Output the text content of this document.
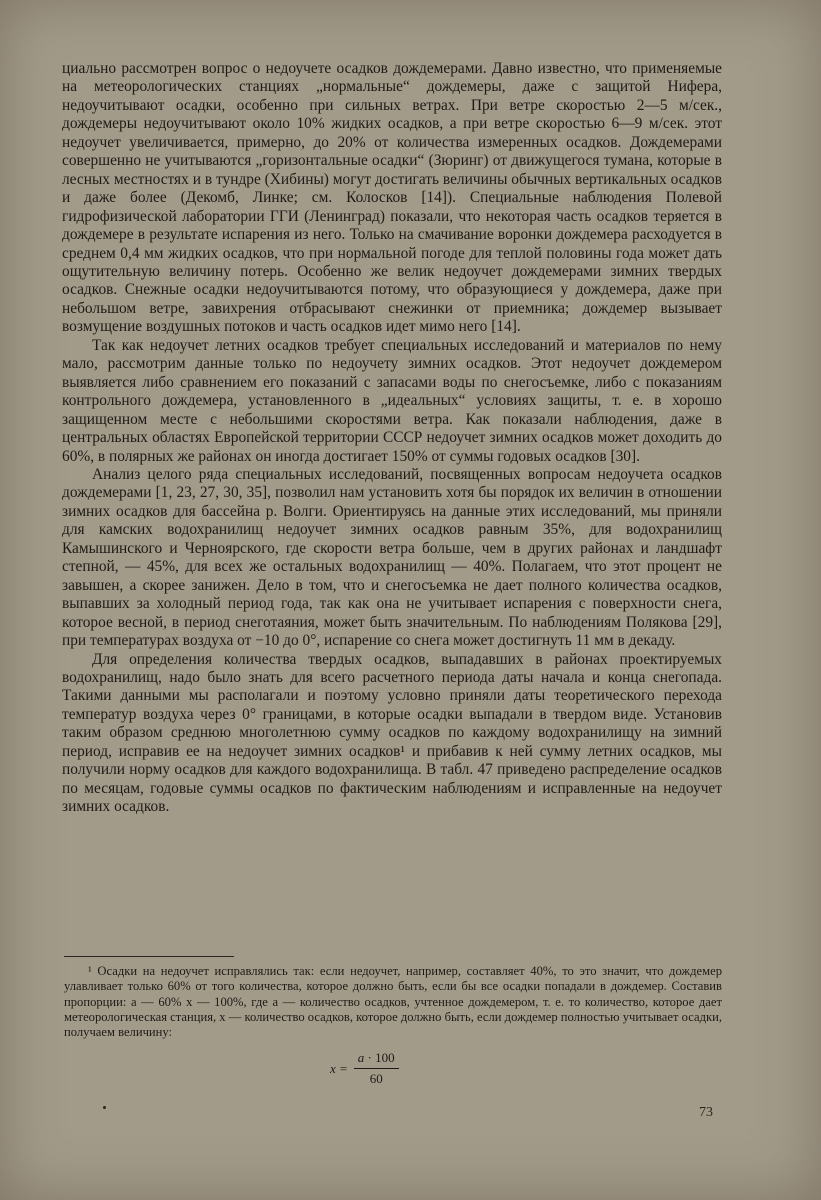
циально рассмотрен вопрос о недоучете осадков дождемерами. Давно известно, что применяемые на метеорологических станциях „нормальные“ дождемеры, даже с защитой Нифера, недоучитывают осадки, особенно при сильных ветрах. При ветре скоростью 2—5 м/сек., дождемеры недоучитывают около 10% жидких осадков, а при ветре скоростью 6—9 м/сек. этот недоучет увеличивается, примерно, до 20% от количества измеренных осадков. Дождемерами совершенно не учитываются „горизонтальные осадки“ (Зюринг) от движущегося тумана, которые в лесных местностях и в тундре (Хибины) могут достигать величины обычных вертикальных осадков и даже более (Декомб, Линке; см. Колосков [14]). Специальные наблюдения Полевой гидрофизической лаборатории ГГИ (Ленинград) показали, что некоторая часть осадков теряется в дождемере в результате испарения из него. Только на смачивание воронки дождемера расходуется в среднем 0,4 мм жидких осадков, что при нормальной погоде для теплой половины года может дать ощутительную величину потерь. Особенно же велик недоучет дождемерами зимних твердых осадков. Снежные осадки недоучитываются потому, что образующиеся у дождемера, даже при небольшом ветре, завихрения отбрасывают снежинки от приемника; дождемер вызывает возмущение воздушных потоков и часть осадков идет мимо него [14].

Так как недоучет летних осадков требует специальных исследований и материалов по нему мало, рассмотрим данные только по недоучету зимних осадков. Этот недоучет дождемером выявляется либо сравнением его показаний с запасами воды по снегосъемке, либо с показаниям контрольного дождемера, установленного в „идеальных“ условиях защиты, т. е. в хорошо защищенном месте с небольшими скоростями ветра. Как показали наблюдения, даже в центральных областях Европейской территории СССР недоучет зимних осадков может доходить до 60%, в полярных же районах он иногда достигает 150% от суммы годовых осадков [30].

Анализ целого ряда специальных исследований, посвященных вопросам недоучета осадков дождемерами [1, 23, 27, 30, 35], позволил нам установить хотя бы порядок их величин в отношении зимних осадков для бассейна р. Волги. Ориентируясь на данные этих исследований, мы приняли для камских водохранилищ недоучет зимних осадков равным 35%, для водохранилищ Камышинского и Чернoярского, где скорости ветра больше, чем в других районах и ландшафт степной, — 45%, для всех же остальных водохранилищ — 40%. Полагаем, что этот процент не завышен, а скорее занижен. Дело в том, что и снегосъемка не дает полного количества осадков, выпавших за холодный период года, так как она не учитывает испарения с поверхности снега, которое весной, в период снеготаяния, может быть значительным. По наблюдениям Полякова [29], при температурах воздуха от −10 до 0°, испарение со снега может достигнуть 11 мм в декаду.

Для определения количества твердых осадков, выпадавших в районах проектируемых водохранилищ, надо было знать для всего расчетного периода даты начала и конца снегопада. Такими данными мы располагали и поэтому условно приняли даты теоретического перехода температур воздуха через 0° границами, в которые осадки выпадали в твердом виде. Установив таким образом среднюю многолетнюю сумму осадков по каждому водохранилищу на зимний период, исправив ее на недоучет зимних осадков¹ и прибавив к ней сумму летних осадков, мы получили норму осадков для каждого водохранилища. В табл. 47 приведено распределение осадков по месяцам, годовые суммы осадков по фактическим наблюдениям и исправленные на недоучет зимних осадков.

¹ Осадки на недоучет исправлялись так: если недоучет, например, составляет 40%, то это значит, что дождемер улавливает только 60% от того количества, которое должно быть, если бы все осадки попадали в дождемер. Составив пропорции: a — 60% x — 100%, где a — количество осадков, учтенное дождемером, т. е. то количество, которое дает метеорологическая станция, x — количество осадков, которое должно быть, если дождемер полностью учитывает осадки, получаем величину:

$x = \frac{a \cdot 100}{60}$
73
